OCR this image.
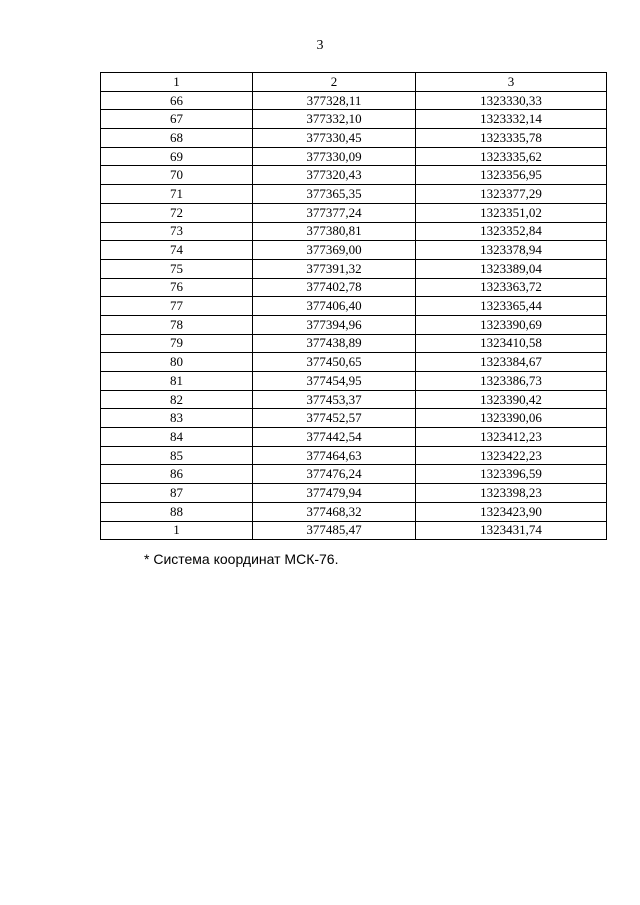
3
1	2	3
66	377328,11	1323330,33
67	377332,10	1323332,14
68	377330,45	1323335,78
69	377330,09	1323335,62
70	377320,43	1323356,95
71	377365,35	1323377,29
72	377377,24	1323351,02
73	377380,81	1323352,84
74	377369,00	1323378,94
75	377391,32	1323389,04
76	377402,78	1323363,72
77	377406,40	1323365,44
78	377394,96	1323390,69
79	377438,89	1323410,58
80	377450,65	1323384,67
81	377454,95	1323386,73
82	377453,37	1323390,42
83	377452,57	1323390,06
84	377442,54	1323412,23
85	377464,63	1323422,23
86	377476,24	1323396,59
87	377479,94	1323398,23
88	377468,32	1323423,90
1	377485,47	1323431,74
* Система координат МСК-76.
